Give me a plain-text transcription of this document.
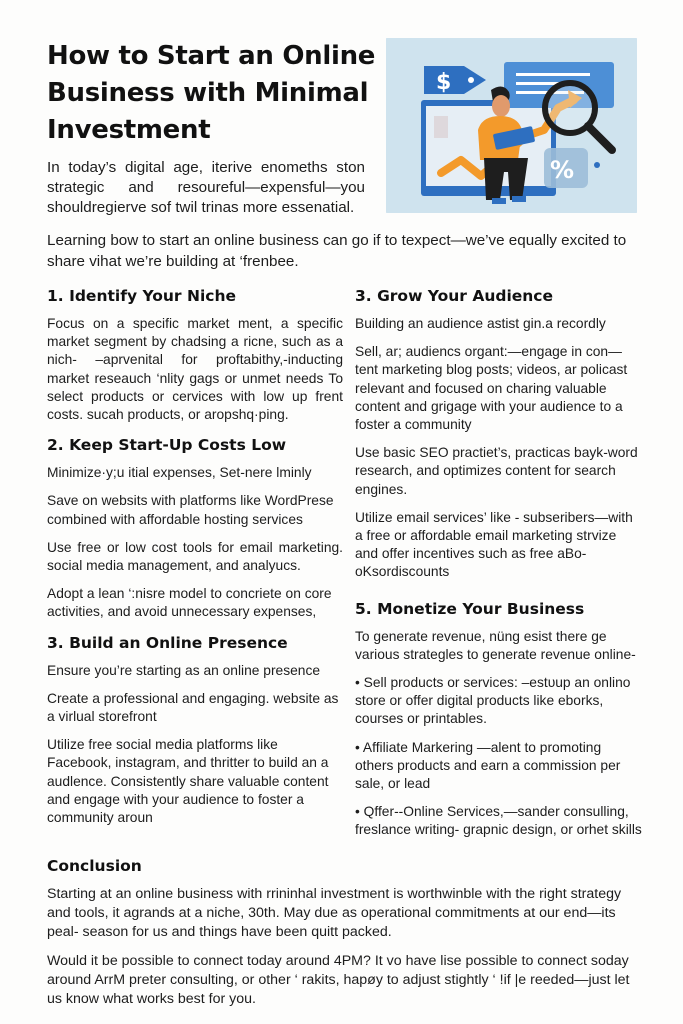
How to Start an Online Business with Minimal Investment

In today’s digital age, iterive enomeths ston strategic and resoureful—expensful—you shouldregierve sof twil trinas more essenatial.

$
%

Learning bow to start an online business can go if to texpect—we’ve equally excited to share vihat we’re building at ‘frenbee.

1. Identify Your Niche

Focus on a specific market ment, a specific market segment by chadsing a ricne, such as a nich- –aprvenital for proftabithy,-inducting market reseauch ‘nlity gags or unmet needs To select products or cervices with low up frent costs. sucah products, or aropshq·ping.

2. Keep Start-Up Costs Low

Minimize·y;u itial expenses, Set-nere lminly

Save on websits with platforms like WordPrese combined with affordable hosting services

Use free or low cost tools for email marketing. social media management, and analyucs.

Adopt a lean ‘:nisre model to concriete on core activities, and avoid unnecessary expenses,

3. Build an Online Presence

Ensure you’re starting as an online presence

Create a professional and engaging. website as a virlual storefront

Utilize free social media platforms like Facebook, instagram, and thritter to build an a audlence. Consistently share valuable content and engage with your audience to foster a community aroun

3. Grow Your Audience

Building an audience astist gin.a recordly

Sell, ar; audiencs organt:—engage in con—tent marketing blog posts; videos, ar policast relevant and focused on charing valuable content and grigage with your audience to a foster a community

Use basic SEO practiet’s, practicas bayk-word research, and optimizes content for search engines.

Utilize email services’ like - subseribers—with a free or affordable email marketing strvize and offer incentives such as free aBo-oKsordiscounts

5. Monetize Your Business

To generate revenue, nüng esist there ge various strategles to generate revenue online-

• Sell products or services: –estυup an onlino store or offer digital products like eborks, courses or printables.

• Affiliate Markering —alent to promoting others products and earn a commission per sale, or lead

• Qffer--Online Services,—sander consulling, freslance writing- grapnic design, or orhet skills

Conclusion

Starting at an online business with rrininhal investment is worthwinble with the right strategy and tools, it agrands at a niche, 30th. May due as operational commitments at our end—its peal- season for us and things have been quitt packed.

Would it be possible to connect today around 4PM? It vo have lise possible to connect soday around ArrM preter consulting, or other ‘ rakits, hapøy to adjust stightly ‘ !if |e reeded—just let us know what works best for you.
